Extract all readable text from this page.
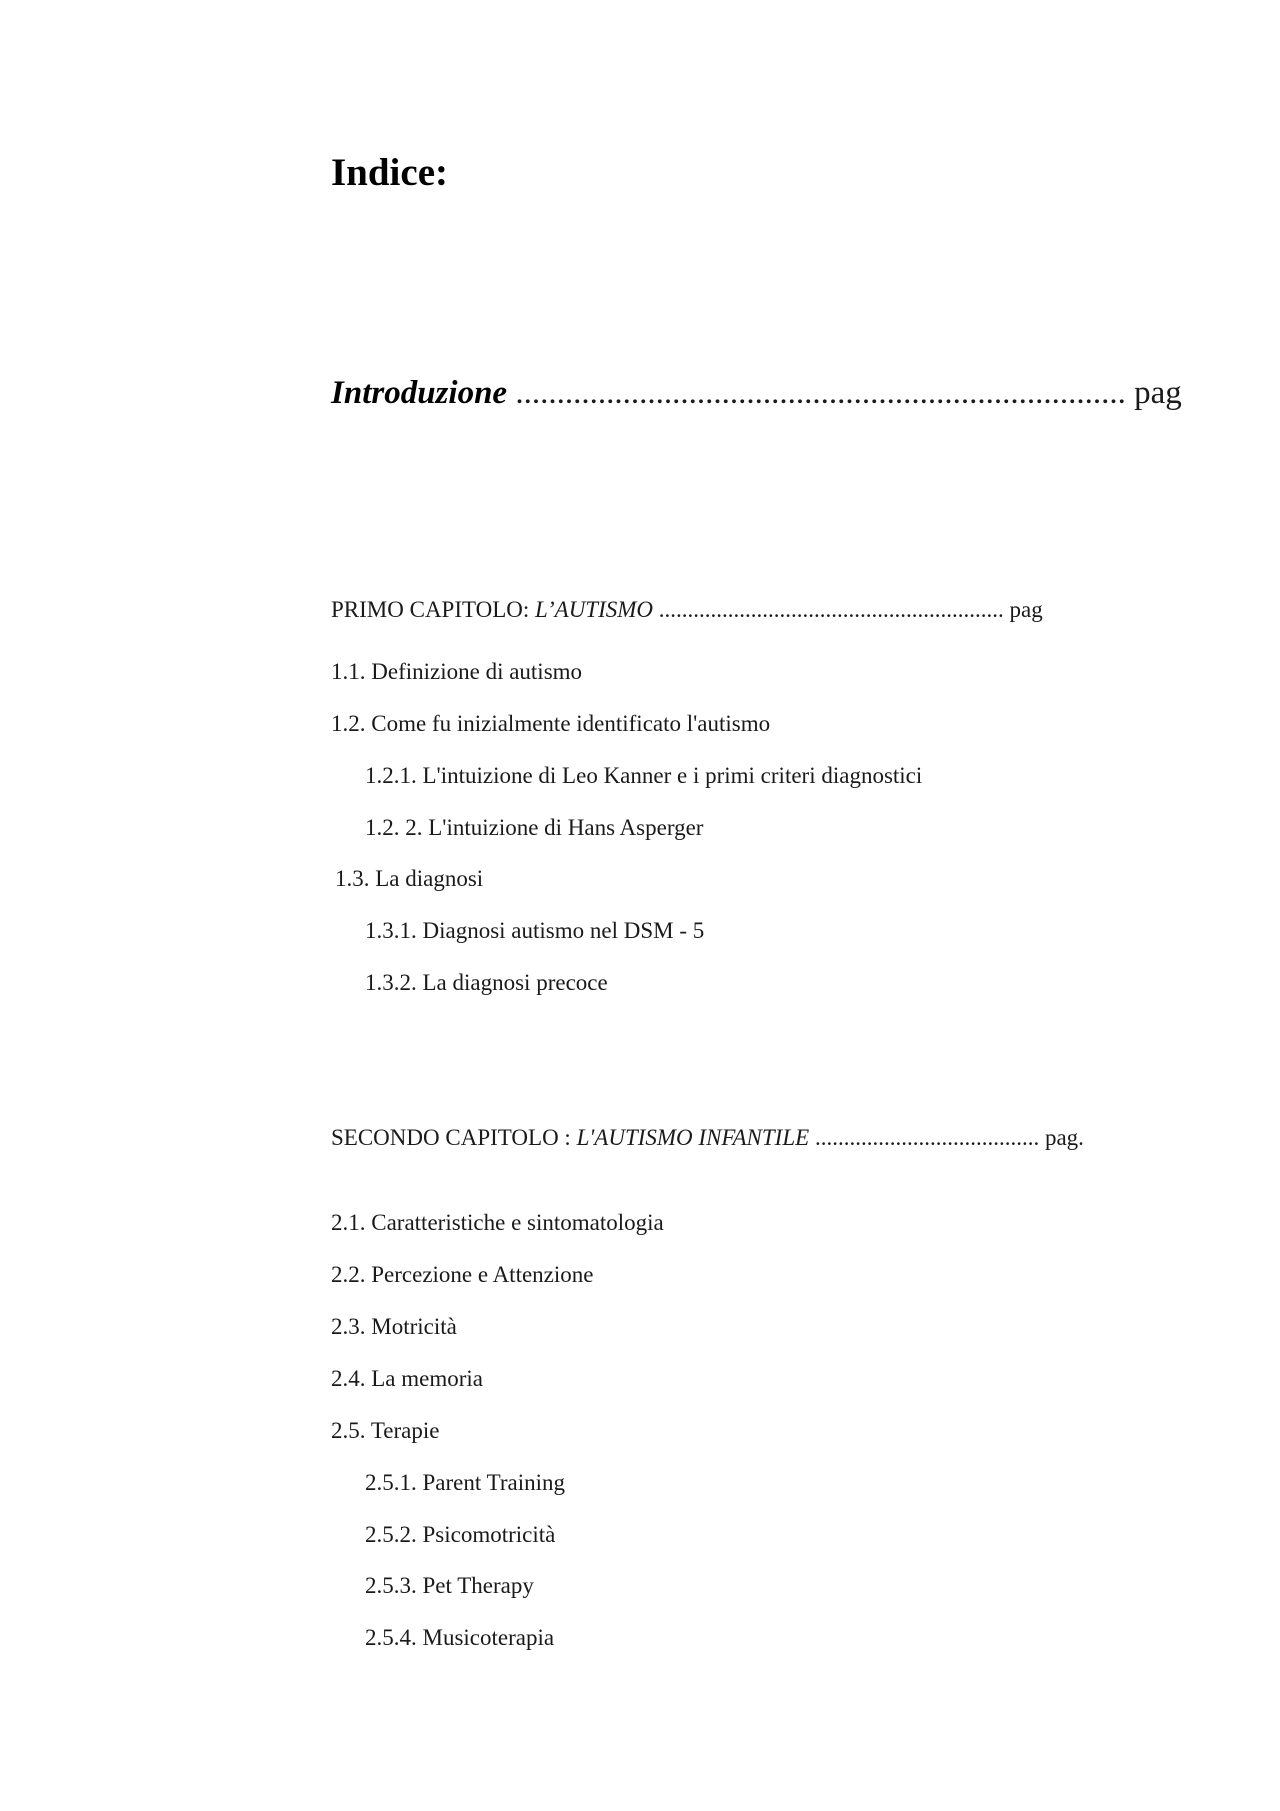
Indice:
Introduzione .......................................................................... pag
PRIMO CAPITOLO: L’AUTISMO ............................................................ pag
1.1. Definizione di autismo
1.2. Come fu inizialmente identificato l'autismo
1.2.1. L'intuizione di Leo Kanner e i primi criteri diagnostici
1.2. 2. L'intuizione di Hans Asperger
1.3. La diagnosi
1.3.1. Diagnosi autismo nel DSM - 5
1.3.2. La diagnosi precoce
SECONDO CAPITOLO : L'AUTISMO INFANTILE ....................................... pag.
2.1. Caratteristiche e sintomatologia
2.2. Percezione e Attenzione
2.3. Motricità
2.4. La memoria
2.5. Terapie
2.5.1. Parent Training
2.5.2. Psicomotricità
2.5.3. Pet Therapy
2.5.4. Musicoterapia
